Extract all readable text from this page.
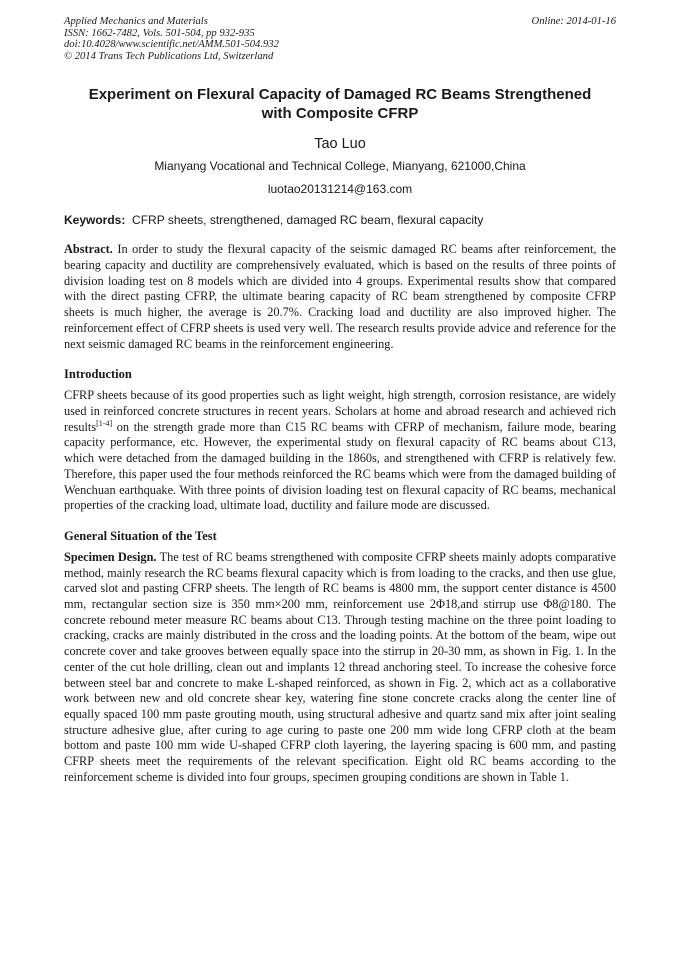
Applied Mechanics and Materials
ISSN: 1662-7482, Vols. 501-504, pp 932-935
doi:10.4028/www.scientific.net/AMM.501-504.932
© 2014 Trans Tech Publications Ltd, Switzerland
Online: 2014-01-16
Experiment on Flexural Capacity of Damaged RC Beams Strengthened
with Composite CFRP
Tao Luo
Mianyang Vocational and Technical College, Mianyang, 621000,China
luotao20131214@163.com
Keywords: CFRP sheets, strengthened, damaged RC beam, flexural capacity

Abstract. In order to study the flexural capacity of the seismic damaged RC beams after reinforcement, the bearing capacity and ductility are comprehensively evaluated, which is based on the results of three points of division loading test on 8 models which are divided into 4 groups. Experimental results show that compared with the direct pasting CFRP, the ultimate bearing capacity of RC beam strengthened by composite CFRP sheets is much higher, the average is 20.7%. Cracking load and ductility are also improved higher. The reinforcement effect of CFRP sheets is used very well. The research results provide advice and reference for the next seismic damaged RC beams in the reinforcement engineering.

Introduction

CFRP sheets because of its good properties such as light weight, high strength, corrosion resistance, are widely used in reinforced concrete structures in recent years. Scholars at home and abroad research and achieved rich results[1-4] on the strength grade more than C15 RC beams with CFRP of mechanism, failure mode, bearing capacity performance, etc. However, the experimental study on flexural capacity of RC beams about C13, which were detached from the damaged building in the 1860s, and strengthened with CFRP is relatively few. Therefore, this paper used the four methods reinforced the RC beams which were from the damaged building of Wenchuan earthquake. With three points of division loading test on flexural capacity of RC beams, mechanical properties of the cracking load, ultimate load, ductility and failure mode are discussed.

General Situation of the Test

Specimen Design. The test of RC beams strengthened with composite CFRP sheets mainly adopts comparative method, mainly research the RC beams flexural capacity which is from loading to the cracks, and then use glue, carved slot and pasting CFRP sheets. The length of RC beams is 4800 mm, the support center distance is 4500 mm, rectangular section size is 350 mm×200 mm, reinforcement use 2Φ18,and stirrup use Φ8@180. The concrete rebound meter measure RC beams about C13. Through testing machine on the three point loading to cracking, cracks are mainly distributed in the cross and the loading points. At the bottom of the beam, wipe out concrete cover and take grooves between equally space into the stirrup in 20-30 mm, as shown in Fig. 1. In the center of the cut hole drilling, clean out and implants 12 thread anchoring steel. To increase the cohesive force between steel bar and concrete to make L-shaped reinforced, as shown in Fig. 2, which act as a collaborative work between new and old concrete shear key, watering fine stone concrete cracks along the center line of equally spaced 100 mm paste grouting mouth, using structural adhesive and quartz sand mix after joint sealing structure adhesive glue, after curing to age curing to paste one 200 mm wide long CFRP cloth at the beam bottom and paste 100 mm wide U-shaped CFRP cloth layering, the layering spacing is 600 mm, and pasting CFRP sheets meet the requirements of the relevant specification. Eight old RC beams according to the reinforcement scheme is divided into four groups, specimen grouping conditions are shown in Table 1.
